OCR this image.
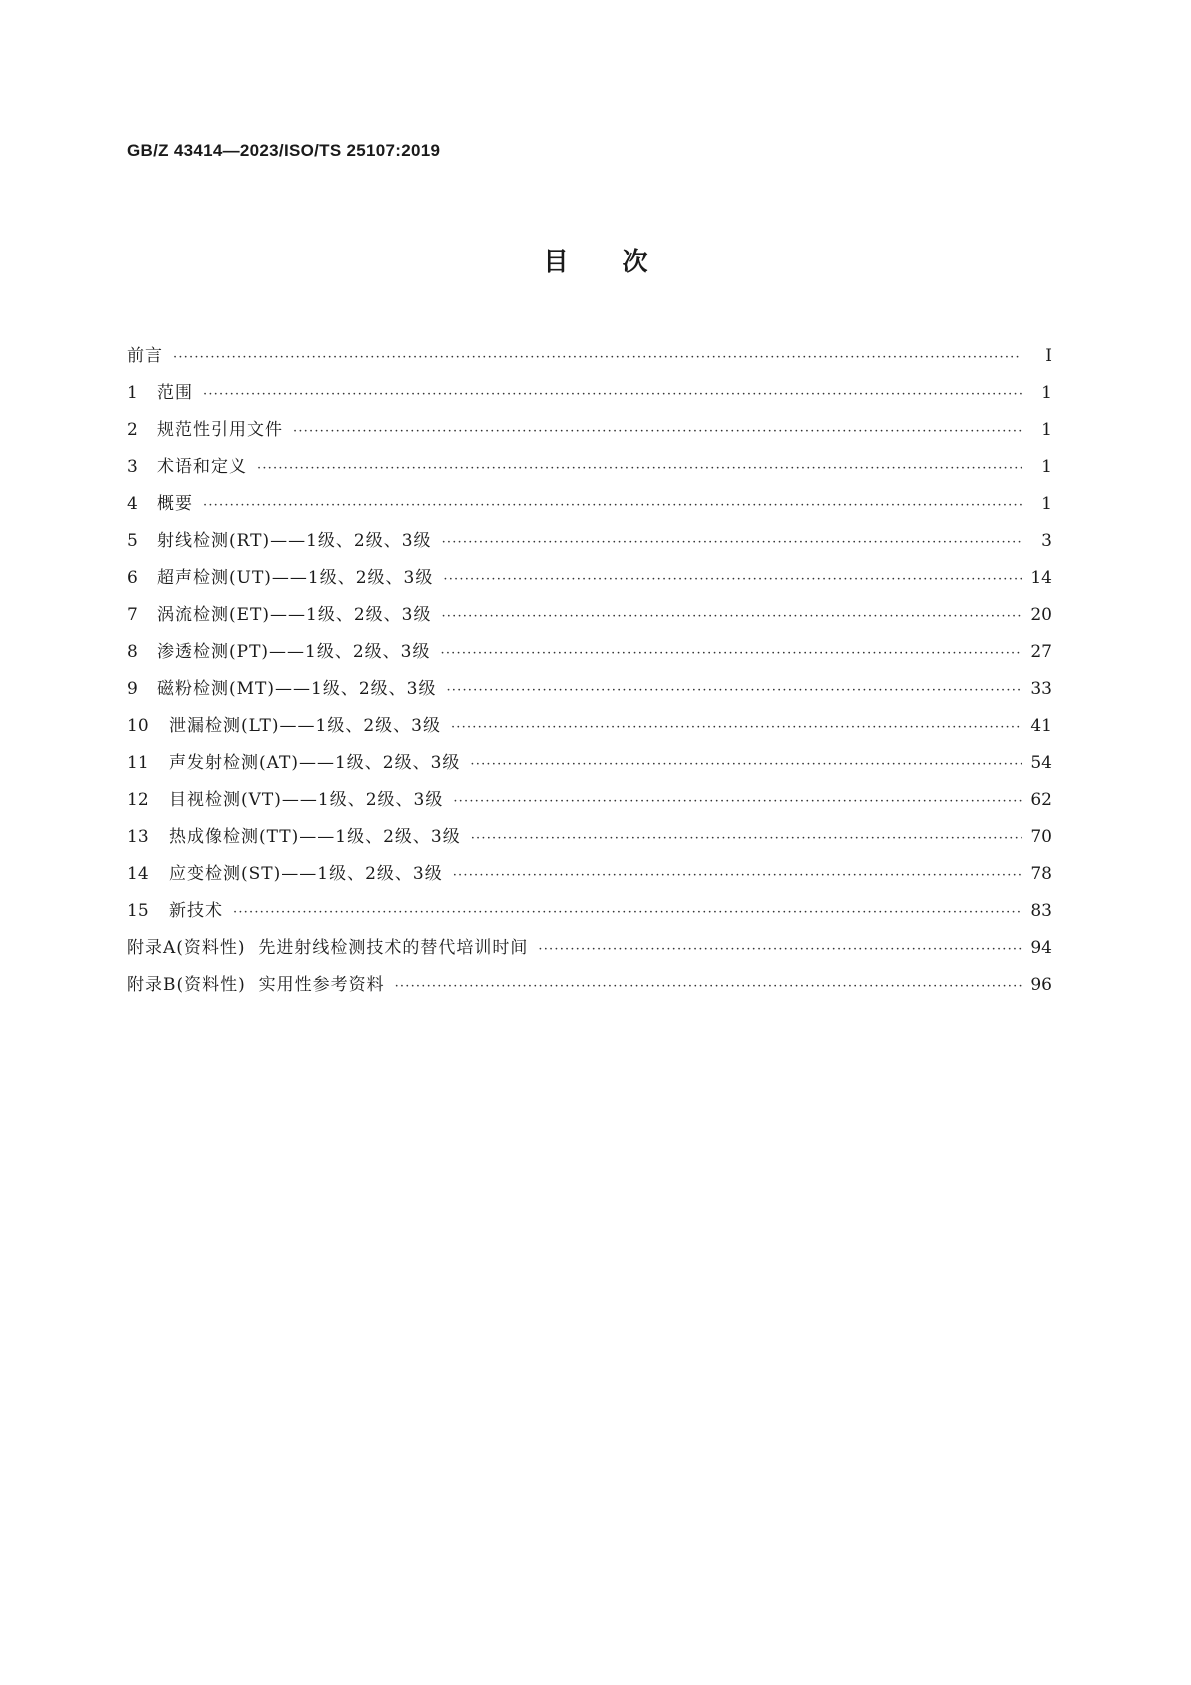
GB/Z 43414—2023/ISO/TS 25107:2019
目次
前言 ·····	Ⅰ
1	范围 ·····	1
2	规范性引用文件 ·····	1
3	术语和定义 ·····	1
4	概要 ·····	1
5	射线检测(RT)——1级、2级、3级 ·····	3
6	超声检测(UT)——1级、2级、3级 ·····	14
7	涡流检测(ET)——1级、2级、3级 ·····	20
8	渗透检测(PT)——1级、2级、3级 ·····	27
9	磁粉检测(MT)——1级、2级、3级 ·····	33
10	泄漏检测(LT)——1级、2级、3级 ·····	41
11	声发射检测(AT)——1级、2级、3级 ·····	54
12	目视检测(VT)——1级、2级、3级 ·····	62
13	热成像检测(TT)——1级、2级、3级 ·····	70
14	应变检测(ST)——1级、2级、3级 ·····	78
15	新技术 ·····	83
附录A(资料性)  先进射线检测技术的替代培训时间 ·····	94
附录B(资料性)  实用性参考资料 ·····	96
